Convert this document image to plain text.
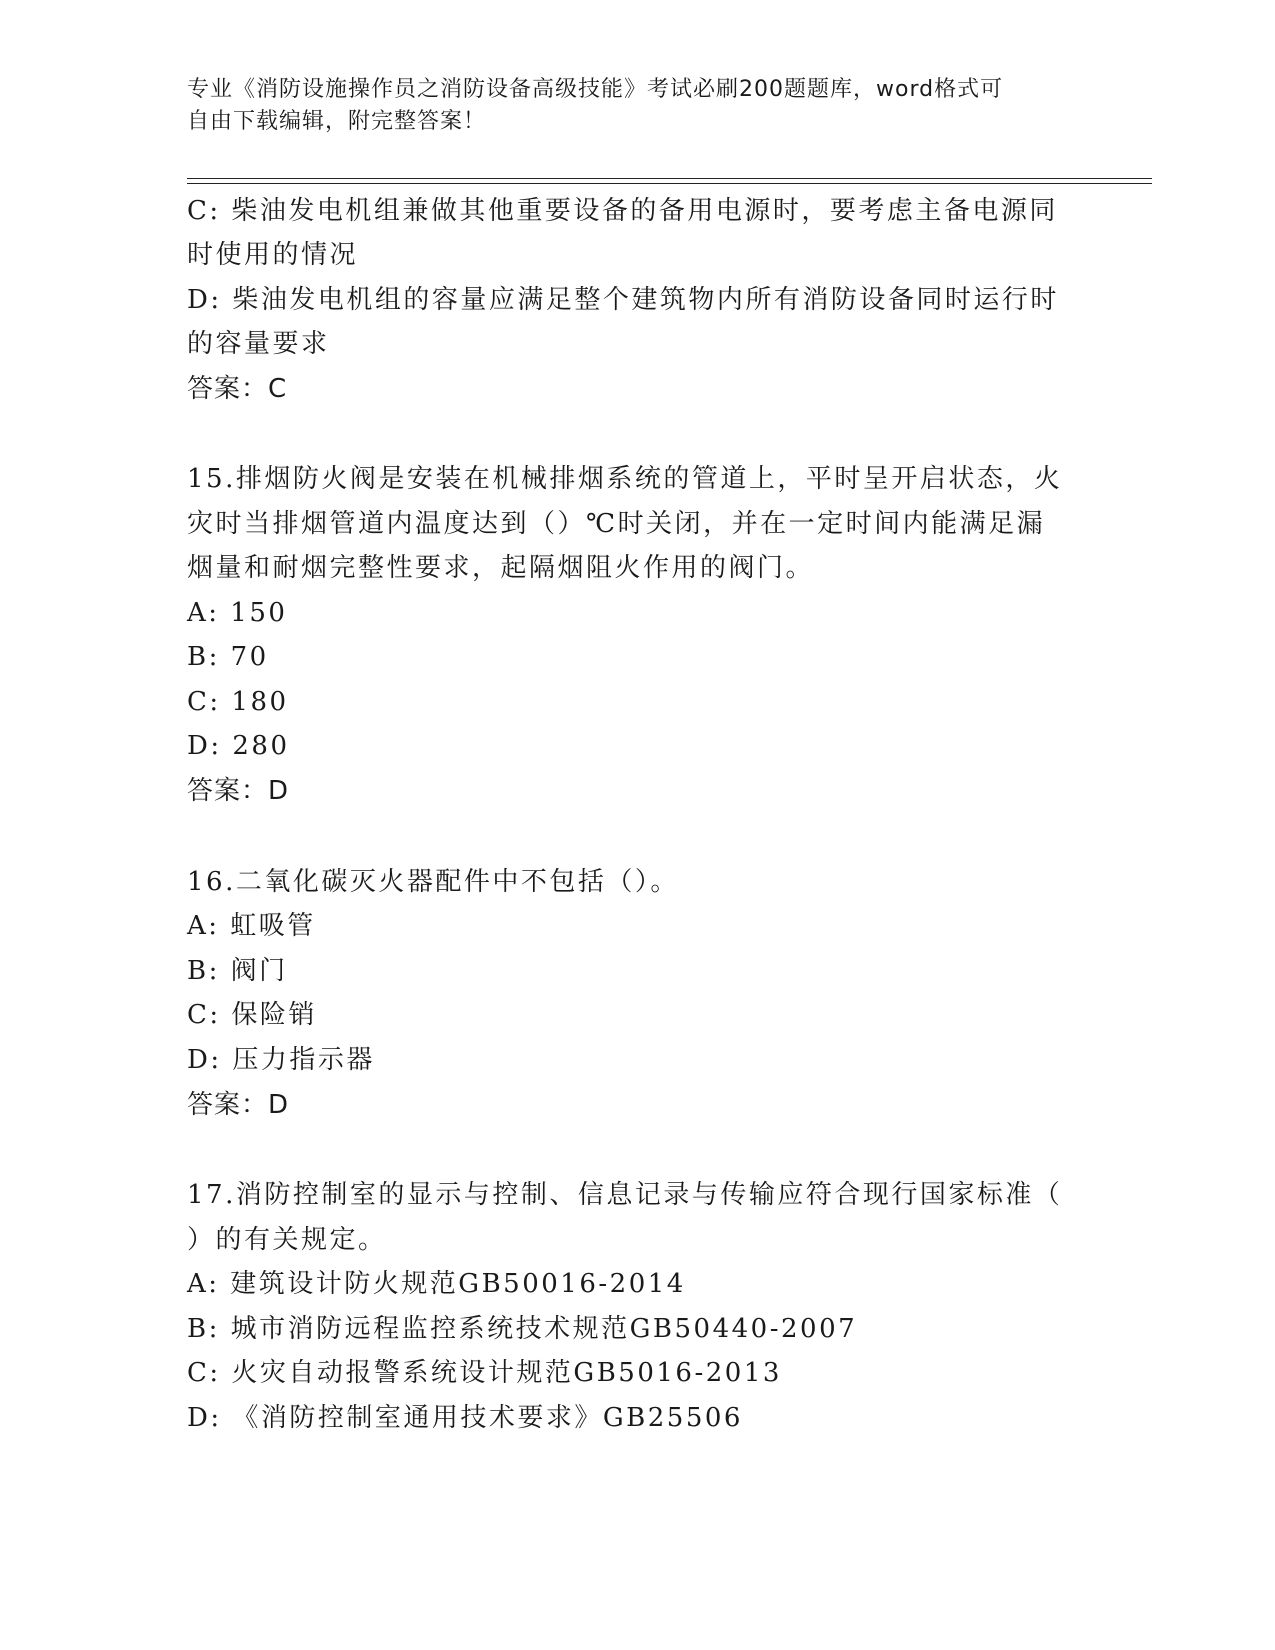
专业《消防设施操作员之消防设备高级技能》考试必刷200题题库，word格式可
自由下载编辑，附完整答案！
C: 柴油发电机组兼做其他重要设备的备用电源时，要考虑主备电源同
时使用的情况
D: 柴油发电机组的容量应满足整个建筑物内所有消防设备同时运行时
的容量要求
答案：C
15.排烟防火阀是安装在机械排烟系统的管道上，平时呈开启状态，火
灾时当排烟管道内温度达到（）℃时关闭，并在一定时间内能满足漏
烟量和耐烟完整性要求，起隔烟阻火作用的阀门。
A: 150
B: 70
C: 180
D: 280
答案：D
16.二氧化碳灭火器配件中不包括（）。
A: 虹吸管
B: 阀门
C: 保险销
D: 压力指示器
答案：D
17.消防控制室的显示与控制、信息记录与传输应符合现行国家标准（
）的有关规定。
A: 建筑设计防火规范GB50016-2014
B: 城市消防远程监控系统技术规范GB50440-2007
C: 火灾自动报警系统设计规范GB5016-2013
D: 《消防控制室通用技术要求》GB25506
